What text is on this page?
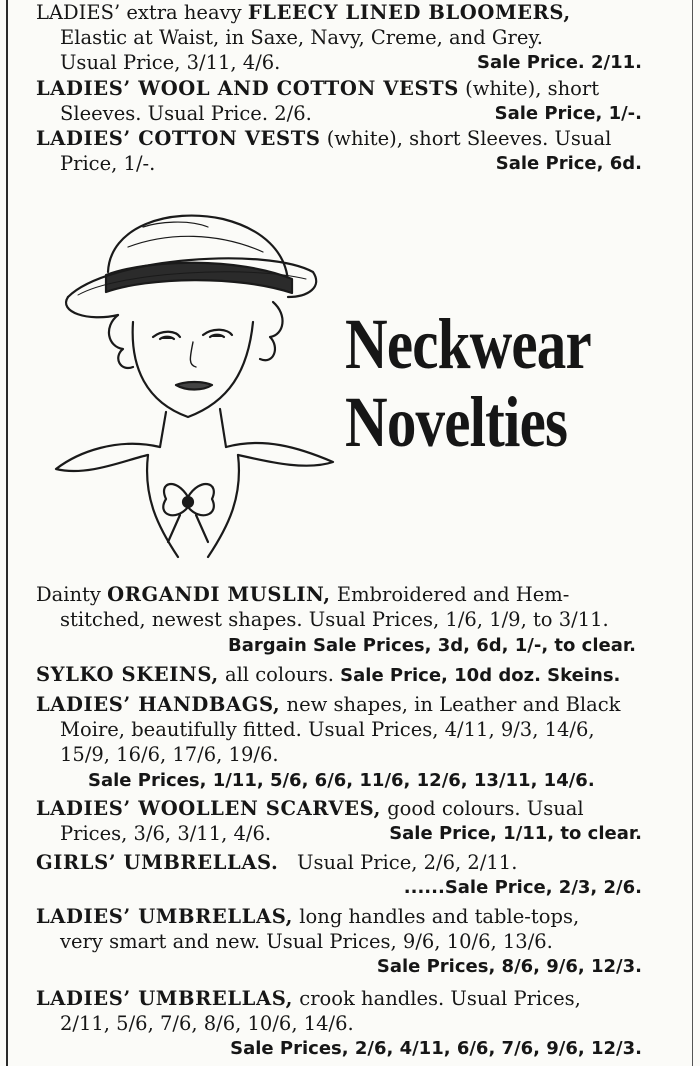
LADIES’ extra heavy FLEECY LINED BLOOMERS,
Elastic at Waist, in Saxe, Navy, Creme, and Grey.
Usual Price, 3/11, 4/6.	Sale Price. 2/11.
LADIES’ WOOL AND COTTON VESTS (white), short
Sleeves. Usual Price. 2/6.	Sale Price, 1/-.
LADIES’ COTTON VESTS (white), short Sleeves. Usual
Price, 1/-.	Sale Price, 6d.
Neckwear
Novelties
Dainty ORGANDI MUSLIN, Embroidered and Hem-
stitched, newest shapes. Usual Prices, 1/6, 1/9, to 3/11.
Bargain Sale Prices, 3d, 6d, 1/-, to clear.
SYLKO SKEINS, all colours. Sale Price, 10d doz. Skeins.
LADIES’ HANDBAGS, new shapes, in Leather and Black
Moire, beautifully fitted. Usual Prices, 4/11, 9/3, 14/6,
15/9, 16/6, 17/6, 19/6.
Sale Prices, 1/11, 5/6, 6/6, 11/6, 12/6, 13/11, 14/6.
LADIES’ WOOLLEN SCARVES, good colours. Usual
Prices, 3/6, 3/11, 4/6.	Sale Price, 1/11, to clear.
GIRLS’ UMBRELLAS. Usual Price, 2/6, 2/11.
......Sale Price, 2/3, 2/6.
LADIES’ UMBRELLAS, long handles and table-tops,
very smart and new. Usual Prices, 9/6, 10/6, 13/6.
Sale Prices, 8/6, 9/6, 12/3.
LADIES’ UMBRELLAS, crook handles. Usual Prices,
2/11, 5/6, 7/6, 8/6, 10/6, 14/6.
Sale Prices, 2/6, 4/11, 6/6, 7/6, 9/6, 12/3.
